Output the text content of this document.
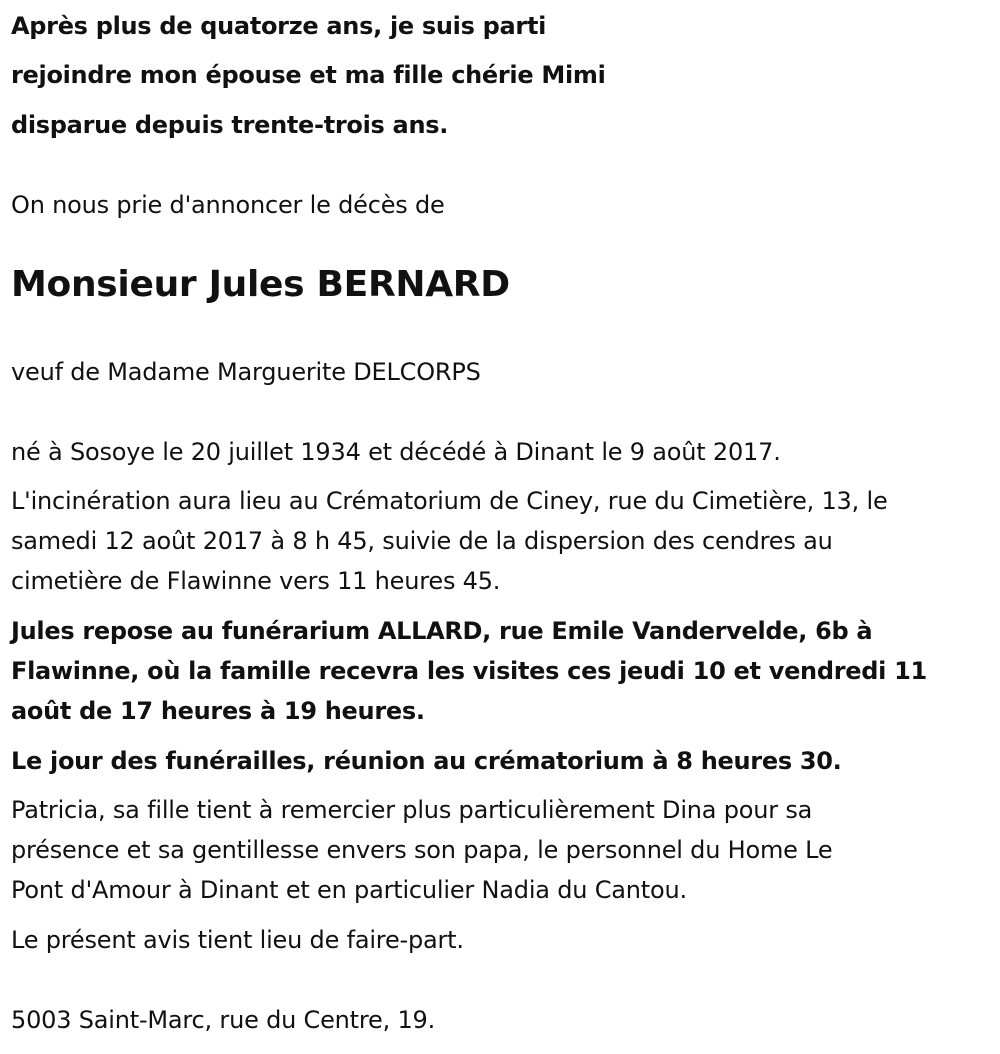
Après plus de quatorze ans, je suis parti

rejoindre mon épouse et ma fille chérie Mimi

disparue depuis trente-trois ans.

On nous prie d'annoncer le décès de

Monsieur Jules BERNARD

veuf de Madame Marguerite DELCORPS

né à Sosoye le 20 juillet 1934 et décédé à Dinant le 9 août 2017.

L'incinération aura lieu au Crématorium de Ciney, rue du Cimetière, 13, le

samedi 12 août 2017 à 8 h 45, suivie de la dispersion des cendres au

cimetière de Flawinne vers 11 heures 45.

Jules repose au funérarium ALLARD, rue Emile Vandervelde, 6b à

Flawinne, où la famille recevra les visites ces jeudi 10 et vendredi 11

août de 17 heures à 19 heures.

Le jour des funérailles, réunion au crématorium à 8 heures 30.

Patricia, sa fille tient à remercier plus particulièrement Dina pour sa

présence et sa gentillesse envers son papa, le personnel du Home Le

Pont d'Amour à Dinant et en particulier Nadia du Cantou.

Le présent avis tient lieu de faire-part.

5003 Saint-Marc, rue du Centre, 19.
